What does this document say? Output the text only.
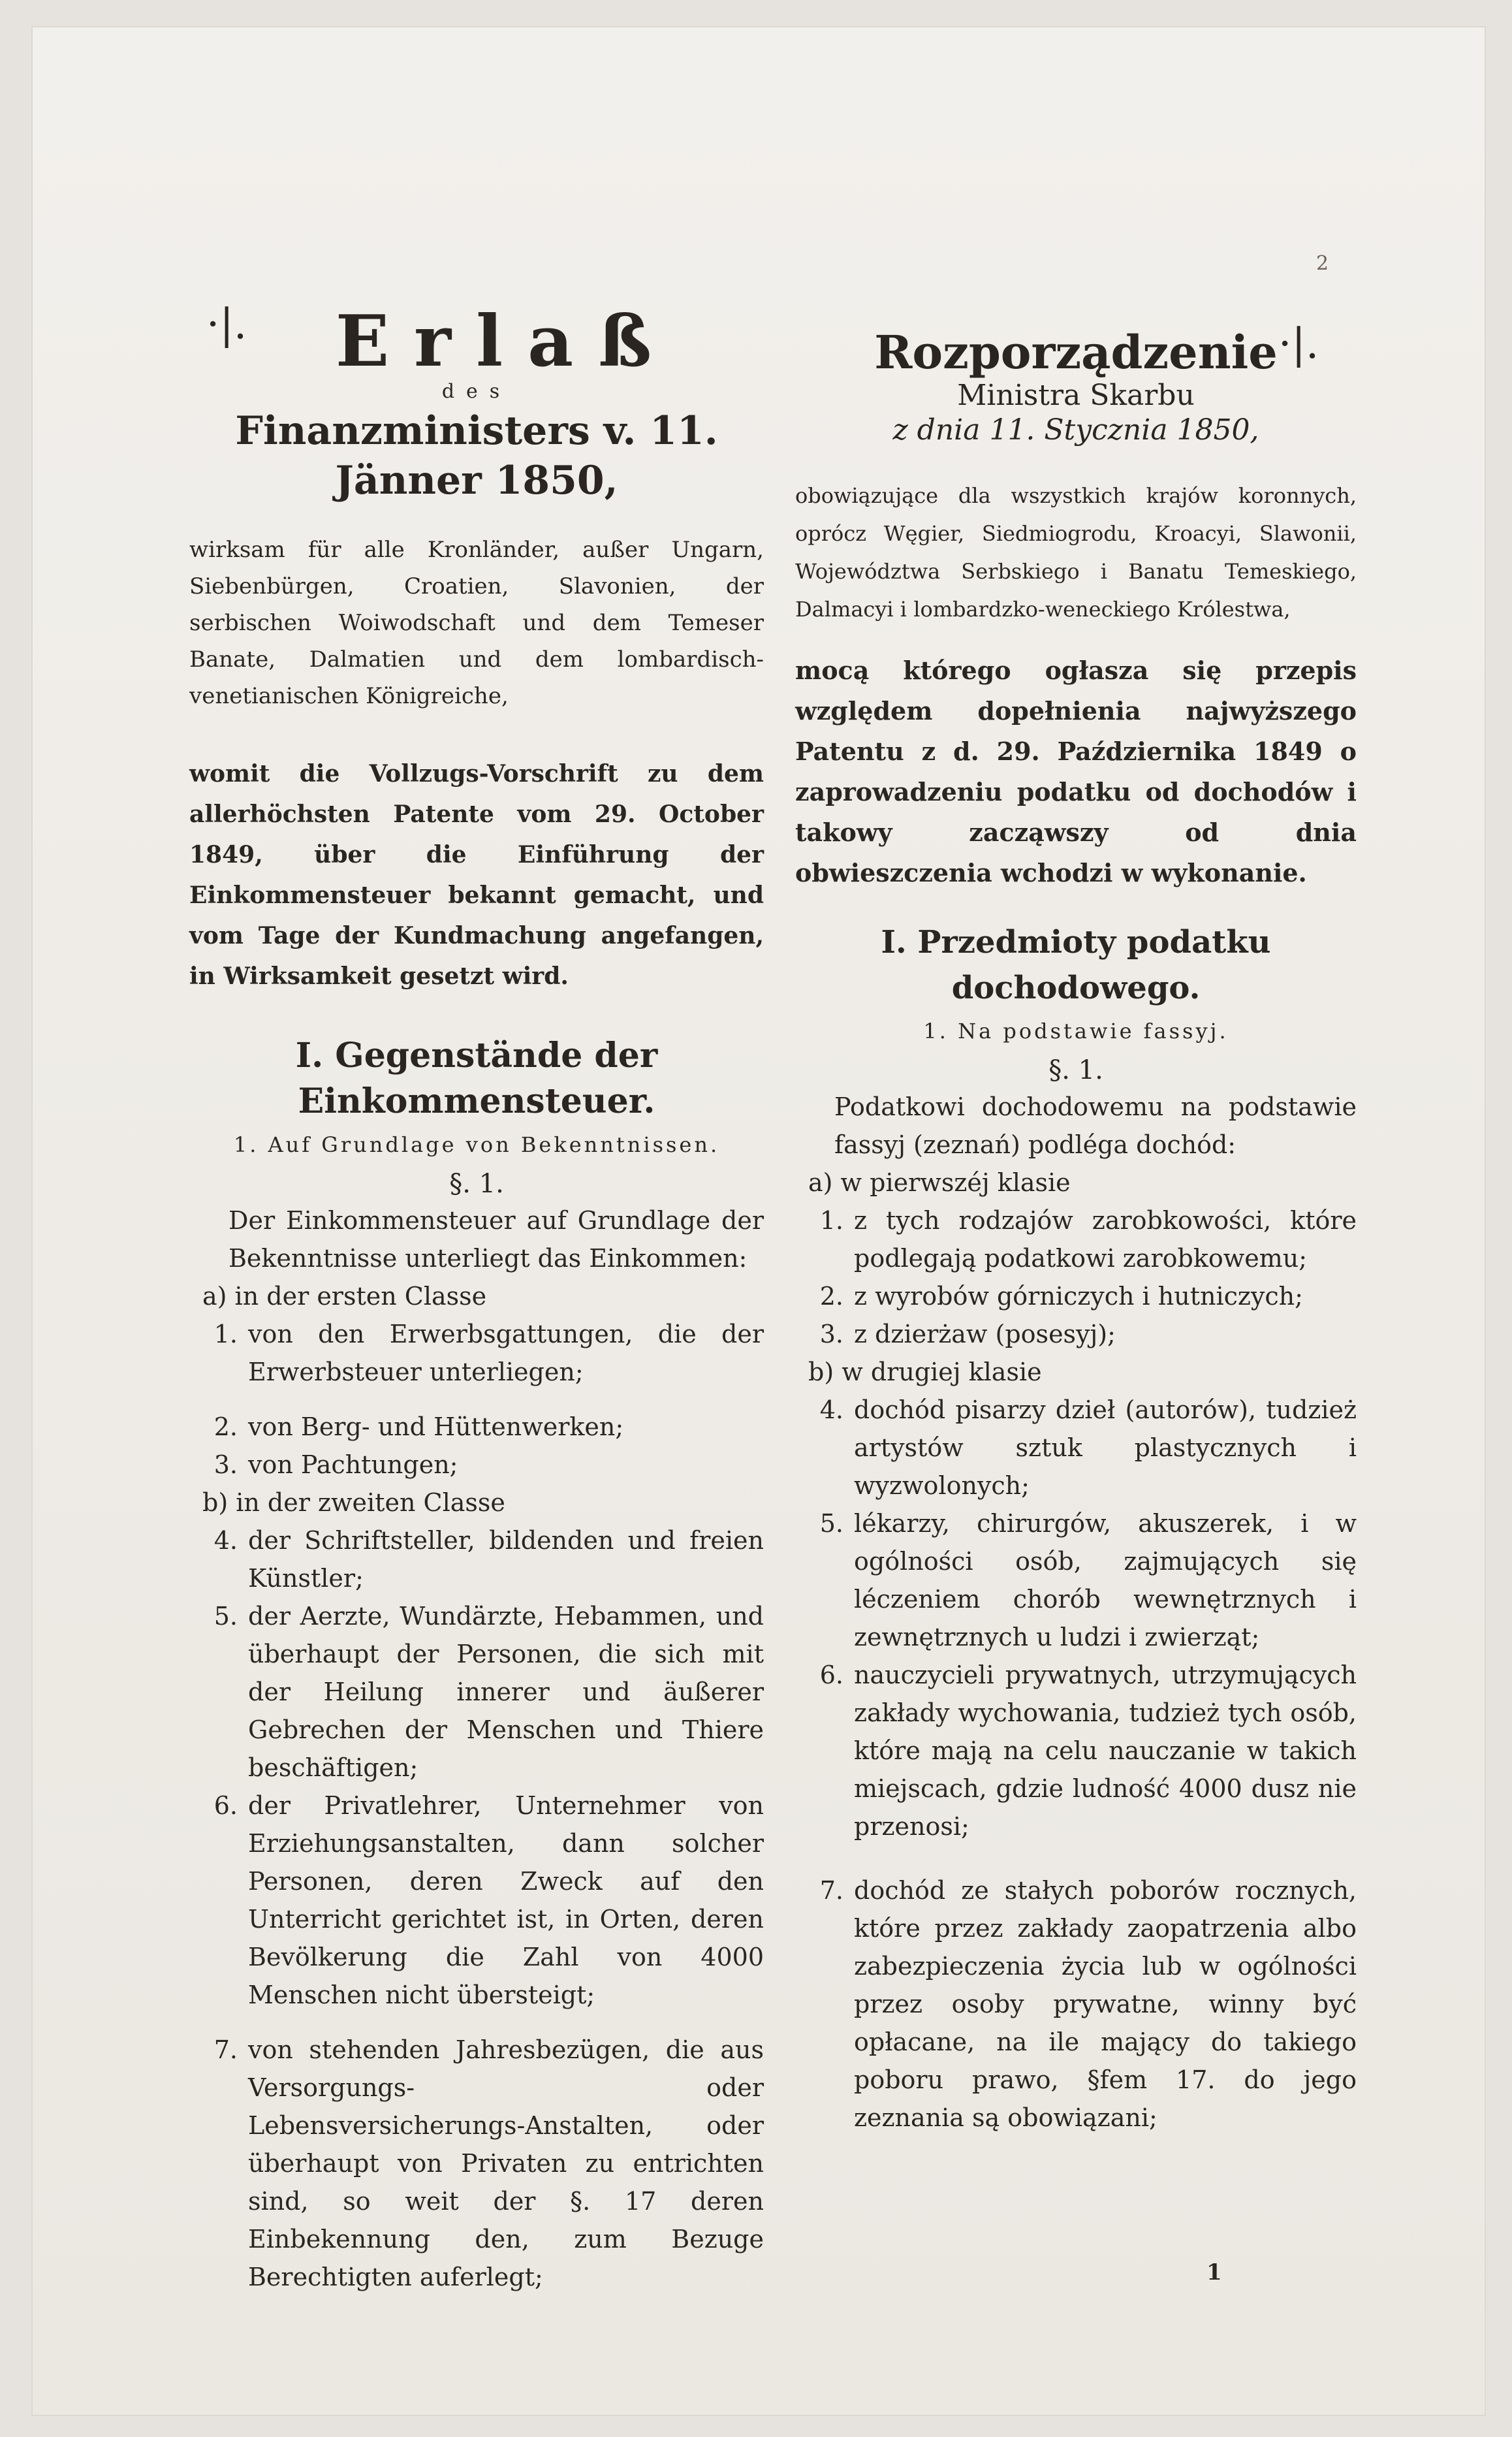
2
·|.	Erlaß

des

Finanzministers v. 11. Jänner 1850,

wirksam für alle Kronländer, außer Ungarn, Siebenbürgen, Croatien, Slavonien, der serbischen Woiwodschaft und dem Temeser Banate, Dalmatien und dem lombardisch-venetianischen Königreiche,

womit die Vollzugs-Vorschrift zu dem allerhöchsten Patente vom 29. October 1849, über die Einführung der Einkommensteuer bekannt gemacht, und vom Tage der Kundmachung angefangen, in Wirksamkeit gesetzt wird.

I. Gegenstände der Einkommensteuer.

1. Auf Grundlage von Bekenntnissen.

§. 1.

Der Einkommensteuer auf Grundlage der Bekenntnisse unterliegt das Einkommen:

a) in der ersten Classe

1. von den Erwerbsgattungen, die der Erwerbsteuer unterliegen;
2. von Berg- und Hüttenwerken;
3. von Pachtungen;

b) in der zweiten Classe

4. der Schriftsteller, bildenden und freien Künstler;
5. der Aerzte, Wundärzte, Hebammen, und überhaupt der Personen, die sich mit der Heilung innerer und äußerer Gebrechen der Menschen und Thiere beschäftigen;
6. der Privatlehrer, Unternehmer von Erziehungsanstalten, dann solcher Personen, deren Zweck auf den Unterricht gerichtet ist, in Orten, deren Bevölkerung die Zahl von 4000 Menschen nicht übersteigt;
7. von stehenden Jahresbezügen, die aus Versorgungs- oder Lebensversicherungs-Anstalten, oder überhaupt von Privaten zu entrichten sind, so weit der §. 17 deren Einbekennung den, zum Bezuge Berechtigten auferlegt;
·|.

Rozporządzenie

Ministra Skarbu

z dnia 11. Stycznia 1850,

obowiązujące dla wszystkich krajów koronnych, oprócz Węgier, Siedmiogrodu, Kroacyi, Slawonii, Województwa Serbskiego i Banatu Temeskiego, Dalmacyi i lombardzko-weneckiego Królestwa,

mocą którego ogłasza się przepis względem dopełnienia najwyższego Patentu z d. 29. Października 1849 o zaprowadzeniu podatku od dochodów i takowy zacząwszy od dnia obwieszczenia wchodzi w wykonanie.

I. Przedmioty podatku dochodowego.

1. Na podstawie fassyj.

§. 1.

Podatkowi dochodowemu na podstawie fassyj (zeznań) podléga dochód:

a) w pierwszéj klasie

1. z tych rodzajów zarobkowości, które podlegają podatkowi zarobkowemu;
2. z wyrobów górniczych i hutniczych;
3. z dzierżaw (posesyj);

b) w drugiej klasie

4. dochód pisarzy dzieł (autorów), tudzież artystów sztuk plastycznych i wyzwolonych;
5. lékarzy, chirurgów, akuszerek, i w ogólności osób, zajmujących się léczeniem chorób wewnętrznych i zewnętrznych u ludzi i zwierząt;
6. nauczycieli prywatnych, utrzymujących zakłady wychowania, tudzież tych osób, które mają na celu nauczanie w takich miejscach, gdzie ludność 4000 dusz nie przenosi;
7. dochód ze stałych poborów rocznych, które przez zakłady zaopatrzenia albo zabezpieczenia życia lub w ogólności przez osoby prywatne, winny być opłacane, na ile mający do takiego poboru prawo, §fem 17. do jego zeznania są obowiązani;
1
